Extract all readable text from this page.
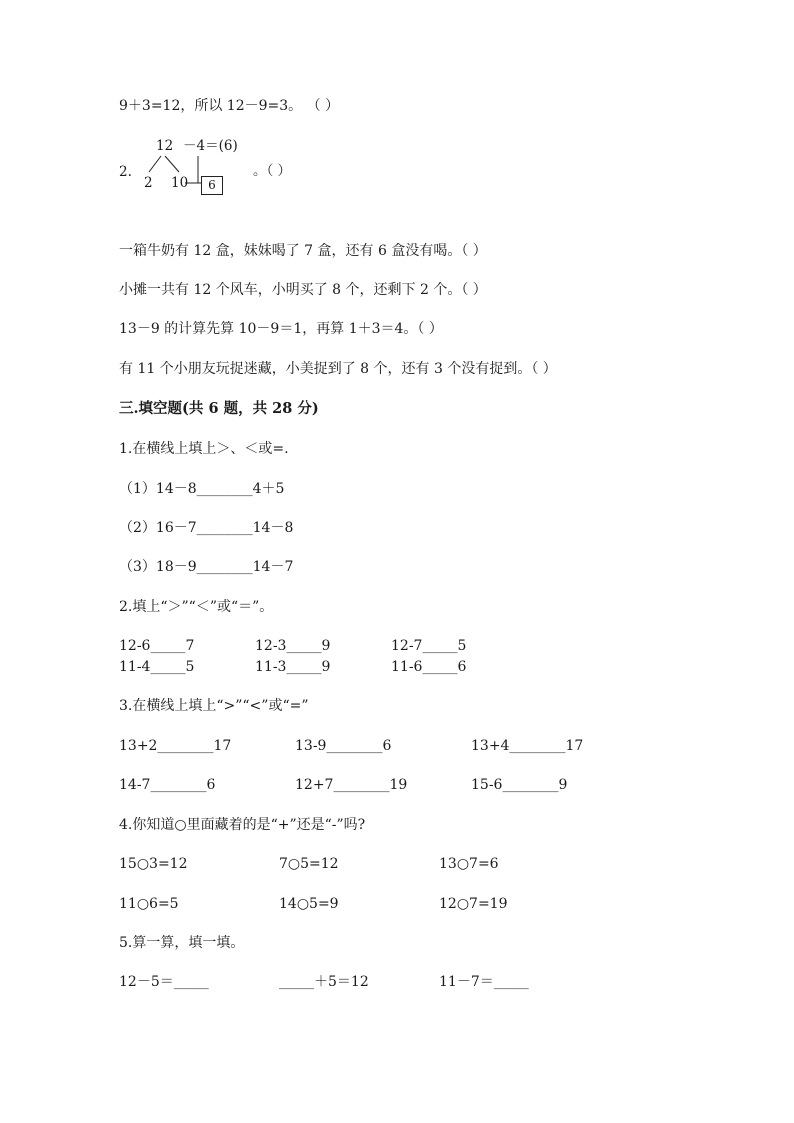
9＋3=12，所以 12－9=3。 （ ）
2.
12 －4＝(6)
2 10	6
。（ ）
一箱牛奶有 12 盒，妹妹喝了 7 盒，还有 6 盒没有喝。（ ）
小摊一共有 12 个风车，小明买了 8 个，还剩下 2 个。（ ）
13－9 的计算先算 10－9＝1，再算 1＋3＝4。（ ）
有 11 个小朋友玩捉迷藏，小美捉到了 8 个，还有 3 个没有捉到。（ ）
三.填空题(共 6 题，共 28 分)
1.在横线上填上＞、＜或=.
（1）14－8________4＋5
（2）16－7________14－8
（3）18－9________14－7
2.填上“＞”“＜”或“＝”。
12-6_____7	12-3_____9	12-7_____5
11-4_____5	11-3_____9	11-6_____6
3.在横线上填上“>”“<”或“=”
13+2________17	13-9________6	13+4________17
14-7________6	12+7________19	15-6________9
4.你知道○里面藏着的是“+”还是“-”吗?
15○3=12	7○5=12	13○7=6
11○6=5	14○5=9	12○7=19
5.算一算，填一填。
12－5＝_____	_____＋5＝12	11－7＝_____
